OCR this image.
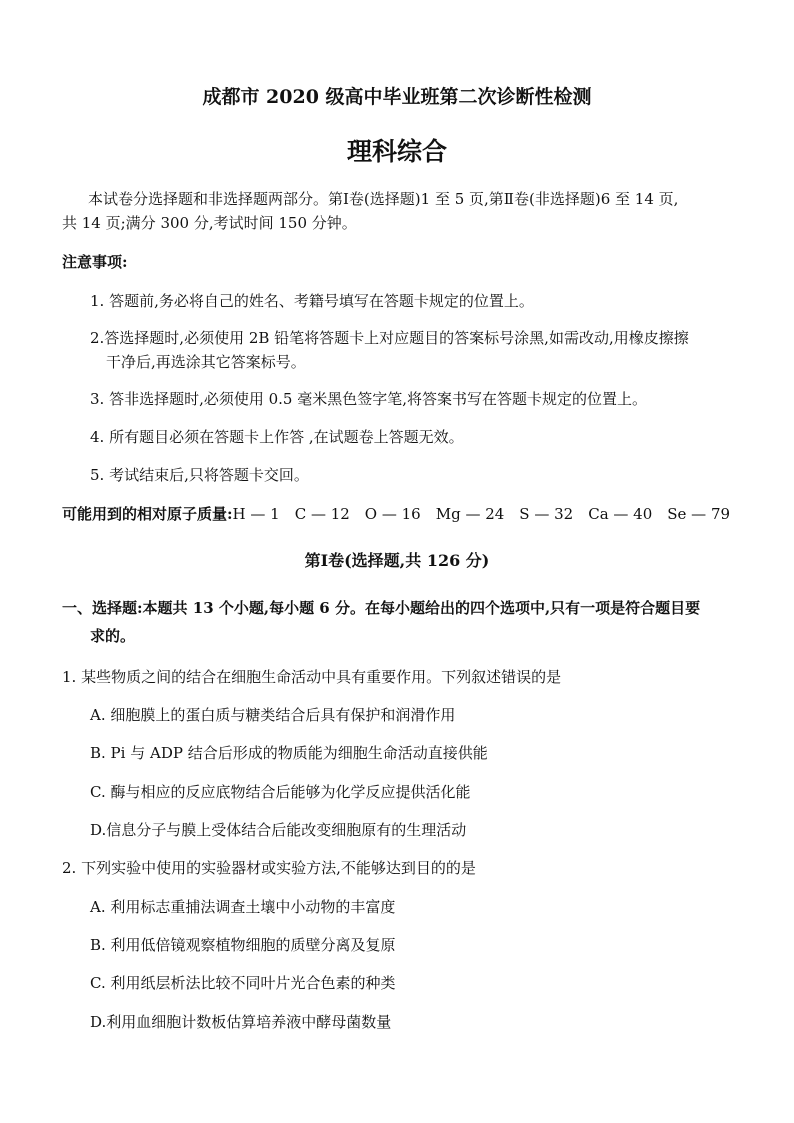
成都市 2020 级高中毕业班第二次诊断性检测
理科综合
本试卷分选择题和非选择题两部分。第Ⅰ卷(选择题)1 至 5 页,第Ⅱ卷(非选择题)6 至 14 页,
共 14 页;满分 300 分,考试时间 150 分钟。
注意事项:
1. 答题前,务必将自己的姓名、考籍号填写在答题卡规定的位置上。
2.答选择题时,必须使用 2B 铅笔将答题卡上对应题目的答案标号涂黑,如需改动,用橡皮擦擦
干净后,再选涂其它答案标号。
3. 答非选择题时,必须使用 0.5 毫米黑色签字笔,将答案书写在答题卡规定的位置上。
4. 所有题目必须在答题卡上作答 ,在试题卷上答题无效。
5. 考试结束后,只将答题卡交回。
可能用到的相对原子质量:H — 1　C — 12　O — 16　Mg — 24　S — 32　Ca — 40　Se — 79
第Ⅰ卷(选择题,共 126 分)
一、选择题:本题共 13 个小题,每小题 6 分。在每小题给出的四个选项中,只有一项是符合题目要
求的。
1. 某些物质之间的结合在细胞生命活动中具有重要作用。下列叙述错误的是
A. 细胞膜上的蛋白质与糖类结合后具有保护和润滑作用
B. Pi 与 ADP 结合后形成的物质能为细胞生命活动直接供能
C. 酶与相应的反应底物结合后能够为化学反应提供活化能
D.信息分子与膜上受体结合后能改变细胞原有的生理活动
2. 下列实验中使用的实验器材或实验方法,不能够达到目的的是
A. 利用标志重捕法调查土壤中小动物的丰富度
B. 利用低倍镜观察植物细胞的质壁分离及复原
C. 利用纸层析法比较不同叶片光合色素的种类
D.利用血细胞计数板估算培养液中酵母菌数量
